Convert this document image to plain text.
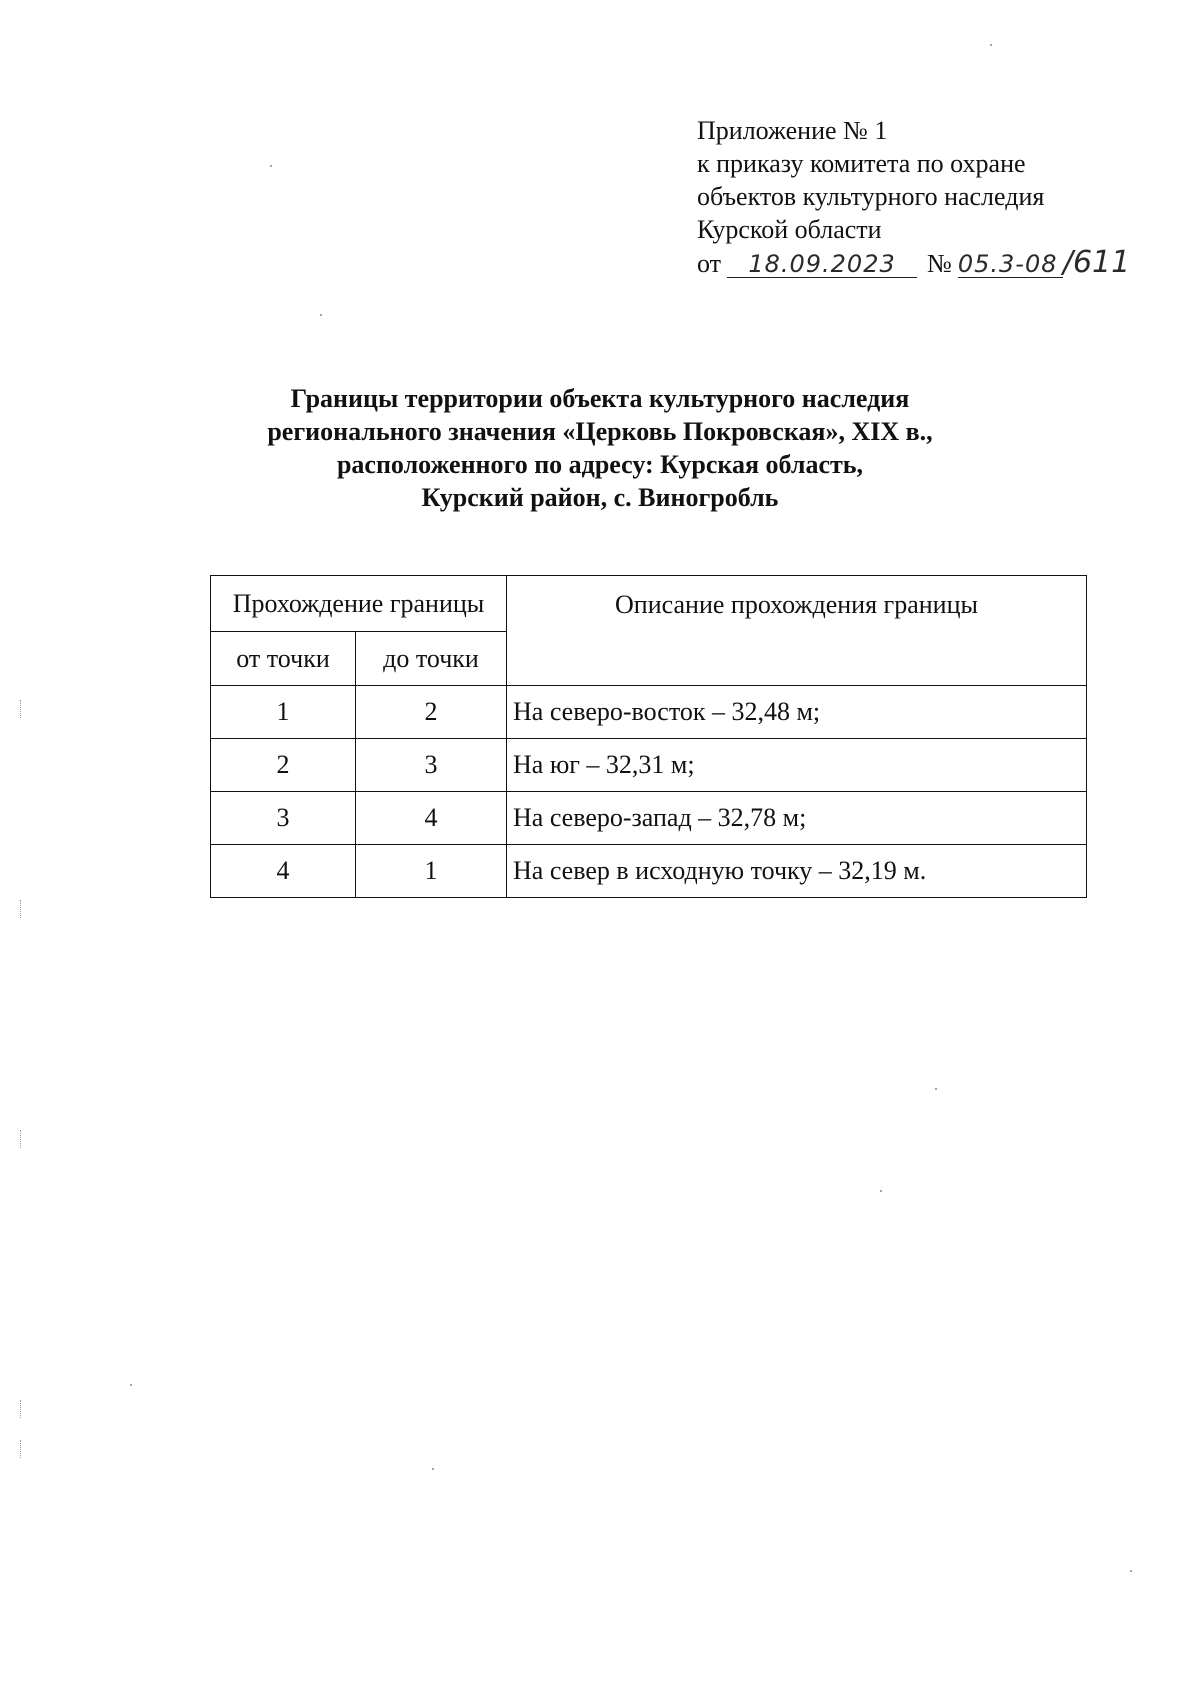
Приложение № 1
к приказу комитета по охране
объектов культурного наследия
Курской области
от 18.09.2023 № 05.3-08 /611
Границы территории объекта культурного наследия
регионального значения «Церковь Покровская», XIX в.,
расположенного по адресу: Курская область,
Курский район, с. Виногробль
Прохождение границы		Описание прохождения границы
от точки	до точки	
1	2	На северо-восток – 32,48 м;
2	3	На юг – 32,31 м;
3	4	На северо-запад – 32,78 м;
4	1	На север в исходную точку – 32,19 м.
